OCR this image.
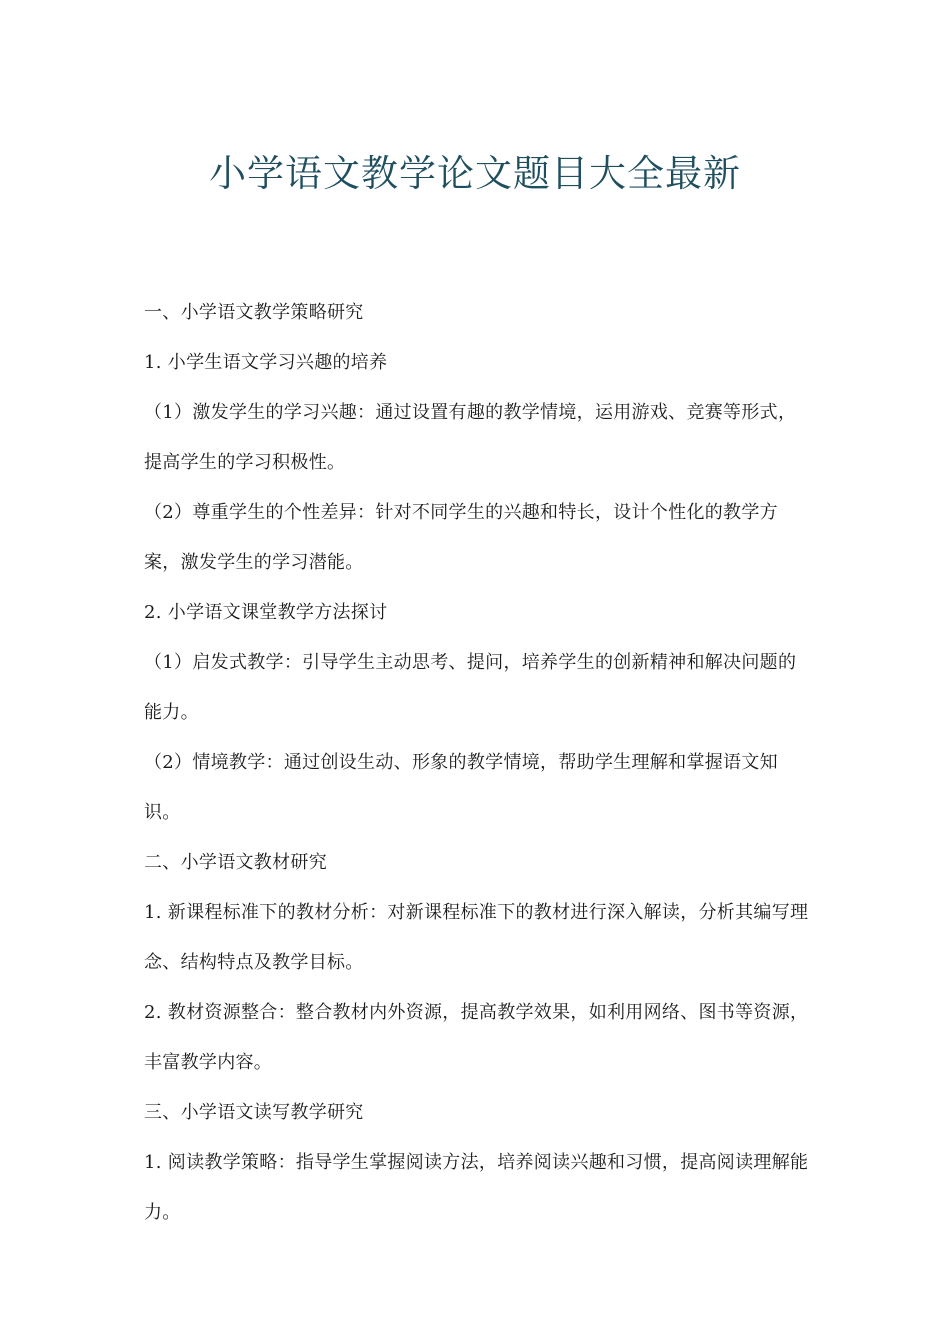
小学语文教学论文题目大全最新

一、小学语文教学策略研究

1. 小学生语文学习兴趣的培养

（1）激发学生的学习兴趣：通过设置有趣的教学情境，运用游戏、竞赛等形式，提高学生的学习积极性。

（2）尊重学生的个性差异：针对不同学生的兴趣和特长，设计个性化的教学方案，激发学生的学习潜能。

2. 小学语文课堂教学方法探讨

（1）启发式教学：引导学生主动思考、提问，培养学生的创新精神和解决问题的能力。

（2）情境教学：通过创设生动、形象的教学情境，帮助学生理解和掌握语文知识。

二、小学语文教材研究

1. 新课程标准下的教材分析：对新课程标准下的教材进行深入解读，分析其编写理念、结构特点及教学目标。

2. 教材资源整合：整合教材内外资源，提高教学效果，如利用网络、图书等资源，丰富教学内容。

三、小学语文读写教学研究

1. 阅读教学策略：指导学生掌握阅读方法，培养阅读兴趣和习惯，提高阅读理解能力。
